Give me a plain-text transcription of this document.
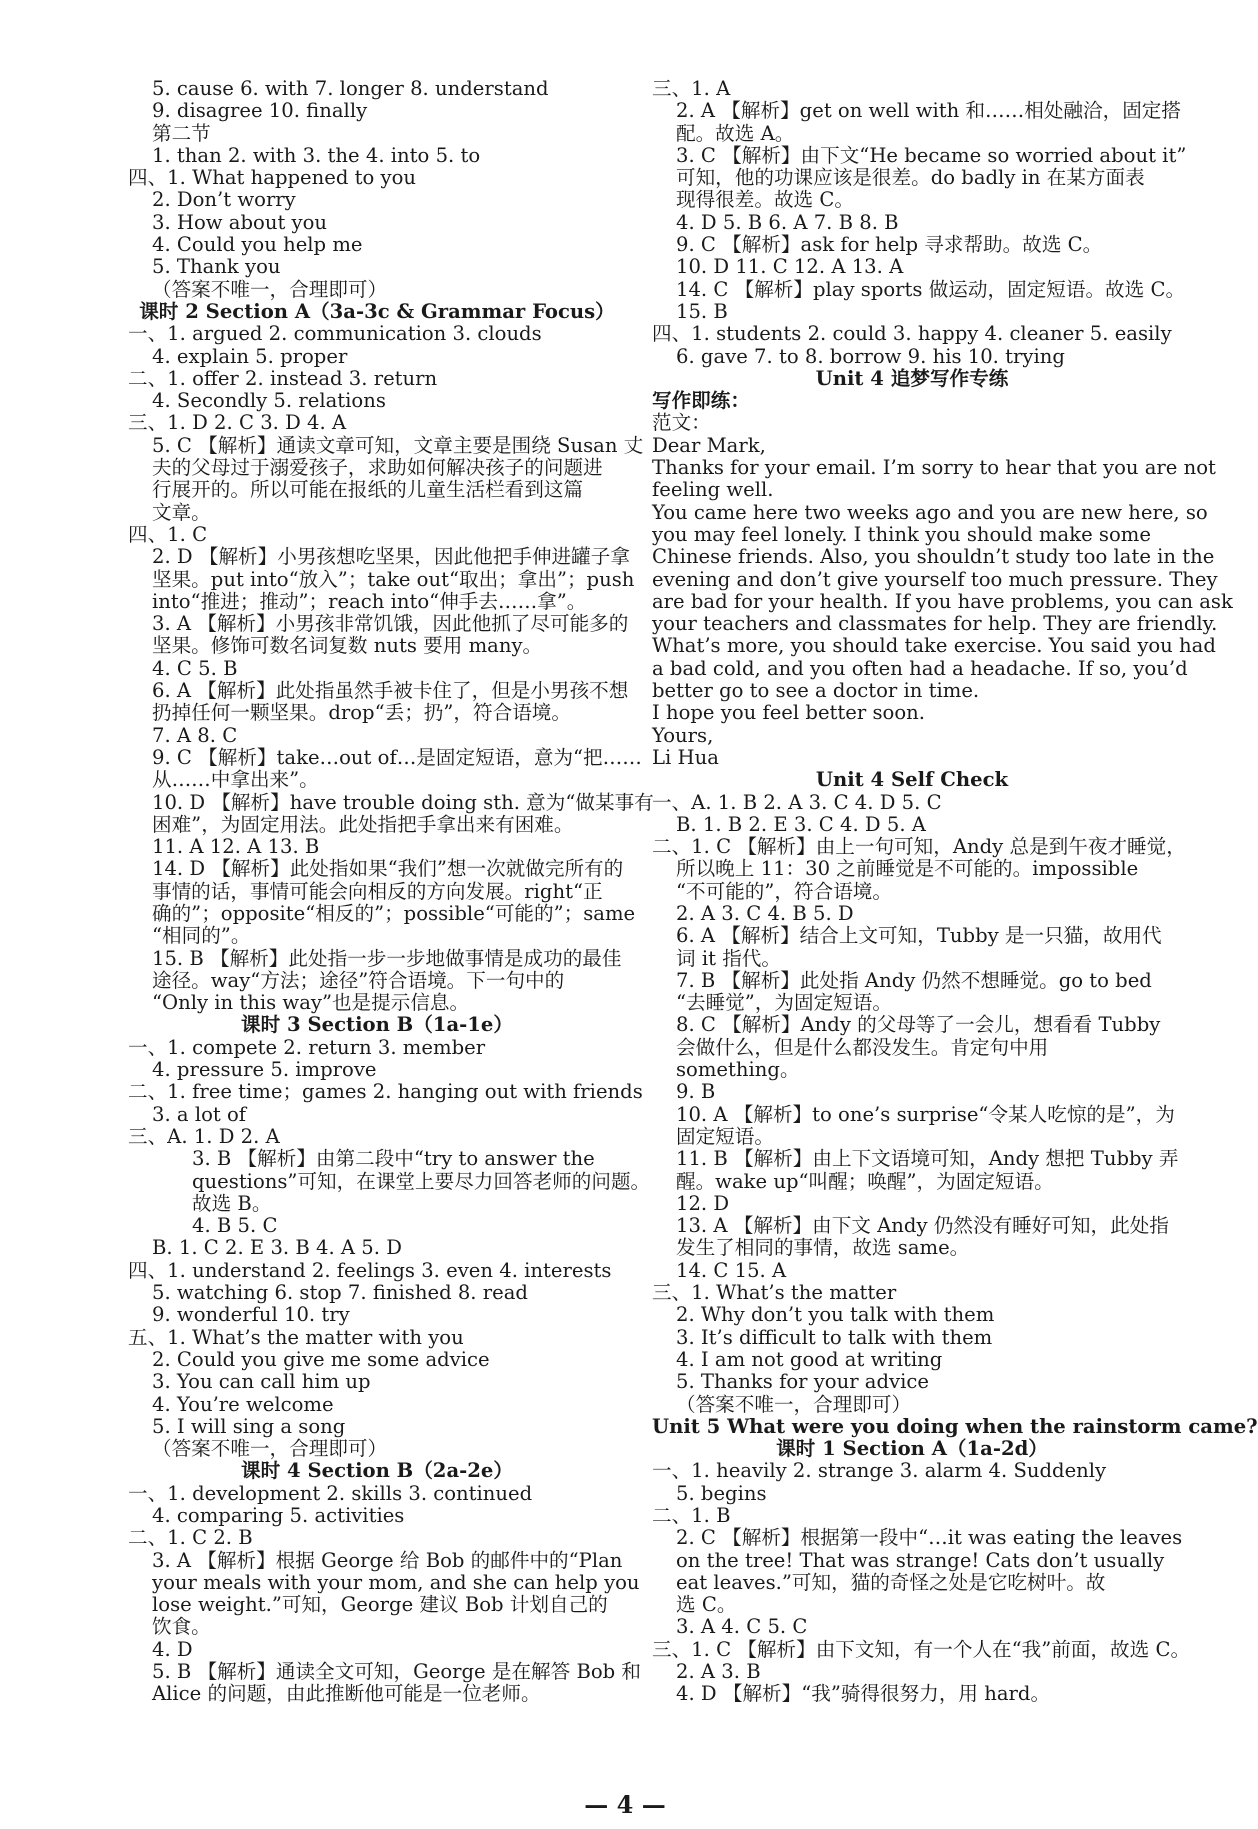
5. cause 6. with 7. longer 8. understand
9. disagree 10. finally
第二节
1. than 2. with 3. the 4. into 5. to
四、1. What happened to you
2. Don’t worry
3. How about you
4. Could you help me
5. Thank you
（答案不唯一，合理即可）
课时 2 Section A（3a-3c & Grammar Focus）
一、1. argued 2. communication 3. clouds
4. explain 5. proper
二、1. offer 2. instead 3. return
4. Secondly 5. relations
三、1. D 2. C 3. D 4. A
5. C 【解析】通读文章可知，文章主要是围绕 Susan 丈
夫的父母过于溺爱孩子，求助如何解决孩子的问题进
行展开的。所以可能在报纸的儿童生活栏看到这篇
文章。
四、1. C
2. D 【解析】小男孩想吃坚果，因此他把手伸进罐子拿
坚果。put into“放入”；take out“取出；拿出”；push
into“推进；推动”；reach into“伸手去……拿”。
3. A 【解析】小男孩非常饥饿，因此他抓了尽可能多的
坚果。修饰可数名词复数 nuts 要用 many。
4. C 5. B
6. A 【解析】此处指虽然手被卡住了，但是小男孩不想
扔掉任何一颗坚果。drop“丢；扔”，符合语境。
7. A 8. C
9. C 【解析】take…out of…是固定短语，意为“把……
从……中拿出来”。
10. D 【解析】have trouble doing sth. 意为“做某事有
困难”，为固定用法。此处指把手拿出来有困难。
11. A 12. A 13. B
14. D 【解析】此处指如果“我们”想一次就做完所有的
事情的话，事情可能会向相反的方向发展。right“正
确的”；opposite“相反的”；possible“可能的”；same
“相同的”。
15. B 【解析】此处指一步一步地做事情是成功的最佳
途径。way“方法；途径”符合语境。下一句中的
“Only in this way”也是提示信息。
课时 3 Section B（1a-1e）
一、1. compete 2. return 3. member
4. pressure 5. improve
二、1. free time；games 2. hanging out with friends
3. a lot of
三、A. 1. D 2. A
3. B 【解析】由第二段中“try to answer the
questions”可知，在课堂上要尽力回答老师的问题。
故选 B。
4. B 5. C
B. 1. C 2. E 3. B 4. A 5. D
四、1. understand 2. feelings 3. even 4. interests
5. watching 6. stop 7. finished 8. read
9. wonderful 10. try
五、1. What’s the matter with you
2. Could you give me some advice
3. You can call him up
4. You’re welcome
5. I will sing a song
（答案不唯一，合理即可）
课时 4 Section B（2a-2e）
一、1. development 2. skills 3. continued
4. comparing 5. activities
二、1. C 2. B
3. A 【解析】根据 George 给 Bob 的邮件中的“Plan
your meals with your mom, and she can help you
lose weight.”可知，George 建议 Bob 计划自己的
饮食。
4. D
5. B 【解析】通读全文可知，George 是在解答 Bob 和
Alice 的问题，由此推断他可能是一位老师。
三、1. A
2. A 【解析】get on well with 和……相处融洽，固定搭
配。故选 A。
3. C 【解析】由下文“He became so worried about it”
可知，他的功课应该是很差。do badly in 在某方面表
现得很差。故选 C。
4. D 5. B 6. A 7. B 8. B
9. C 【解析】ask for help 寻求帮助。故选 C。
10. D 11. C 12. A 13. A
14. C 【解析】play sports 做运动，固定短语。故选 C。
15. B
四、1. students 2. could 3. happy 4. cleaner 5. easily
6. gave 7. to 8. borrow 9. his 10. trying
Unit 4 追梦写作专练
写作即练：
范文：
Dear Mark,
Thanks for your email. I’m sorry to hear that you are not
feeling well.
You came here two weeks ago and you are new here, so
you may feel lonely. I think you should make some
Chinese friends. Also, you shouldn’t study too late in the
evening and don’t give yourself too much pressure. They
are bad for your health. If you have problems, you can ask
your teachers and classmates for help. They are friendly.
What’s more, you should take exercise. You said you had
a bad cold, and you often had a headache. If so, you’d
better go to see a doctor in time.
I hope you feel better soon.
Yours,
Li Hua
Unit 4 Self Check
一、A. 1. B 2. A 3. C 4. D 5. C
B. 1. B 2. E 3. C 4. D 5. A
二、1. C 【解析】由上一句可知，Andy 总是到午夜才睡觉，
所以晚上 11：30 之前睡觉是不可能的。impossible
“不可能的”，符合语境。
2. A 3. C 4. B 5. D
6. A 【解析】结合上文可知，Tubby 是一只猫，故用代
词 it 指代。
7. B 【解析】此处指 Andy 仍然不想睡觉。go to bed
“去睡觉”，为固定短语。
8. C 【解析】Andy 的父母等了一会儿，想看看 Tubby
会做什么，但是什么都没发生。肯定句中用
something。
9. B
10. A 【解析】to one’s surprise“令某人吃惊的是”，为
固定短语。
11. B 【解析】由上下文语境可知，Andy 想把 Tubby 弄
醒。wake up“叫醒；唤醒”，为固定短语。
12. D
13. A 【解析】由下文 Andy 仍然没有睡好可知，此处指
发生了相同的事情，故选 same。
14. C 15. A
三、1. What’s the matter
2. Why don’t you talk with them
3. It’s difficult to talk with them
4. I am not good at writing
5. Thanks for your advice
（答案不唯一，合理即可）
Unit 5 What were you doing when the rainstorm came?
课时 1 Section A（1a-2d）
一、1. heavily 2. strange 3. alarm 4. Suddenly
5. begins
二、1. B
2. C 【解析】根据第一段中“…it was eating the leaves
on the tree! That was strange! Cats don’t usually
eat leaves.”可知，猫的奇怪之处是它吃树叶。故
选 C。
3. A 4. C 5. C
三、1. C 【解析】由下文知，有一个人在“我”前面，故选 C。
2. A 3. B
4. D 【解析】“我”骑得很努力，用 hard。
— 4 —
